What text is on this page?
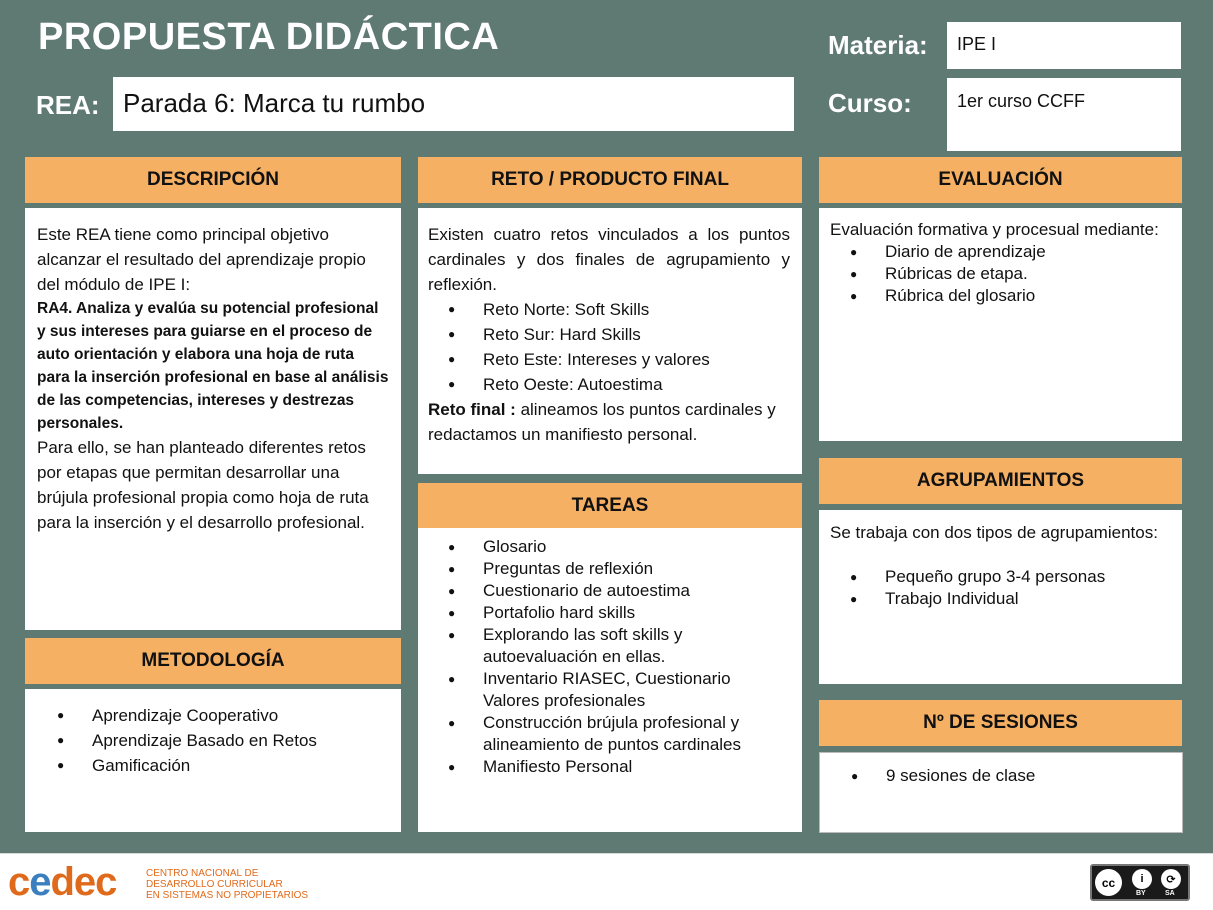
PROPUESTA DIDÁCTICA	Materia:	IPE I
REA: Parada 6: Marca tu rumbo	Curso:	1er curso CCFF
DESCRIPCIÓN

Este REA tiene como principal objetivo alcanzar el resultado del aprendizaje propio del módulo de IPE I:

RA4. Analiza y evalúa su potencial profesional y sus intereses para guiarse en el proceso de auto orientación y elabora una hoja de ruta para la inserción profesional en base al análisis de las competencias, intereses y destrezas personales.

Para ello, se han planteado diferentes retos por etapas que permitan desarrollar una brújula profesional propia como hoja de ruta para la inserción y el desarrollo profesional.

METODOLOGÍA
● Aprendizaje Cooperativo
● Aprendizaje Basado en Retos
● Gamificación
RETO / PRODUCTO FINAL

Existen cuatro retos vinculados a los puntos cardinales y dos finales de agrupamiento y reflexión.

● Reto Norte: Soft Skills
● Reto Sur: Hard Skills
● Reto Este: Intereses y valores
● Reto Oeste: Autoestima

Reto final : alineamos los puntos cardinales y redactamos un manifiesto personal.

TAREAS
● Glosario
● Preguntas de reflexión
● Cuestionario de autoestima
● Portafolio hard skills
● Explorando las soft skills y autoevaluación en ellas.
● Inventario RIASEC, Cuestionario Valores profesionales
● Construcción brújula profesional y alineamiento de puntos cardinales
● Manifiesto Personal
EVALUACIÓN

Evaluación formativa y procesual mediante:

● Diario de aprendizaje
● Rúbricas de etapa.
● Rúbrica del glosario
AGRUPAMIENTOS

Se trabaja con dos tipos de agrupamientos:

● Pequeño grupo 3-4 personas
● Trabajo Individual
Nº DE SESIONES
● 9 sesiones de clase
cedec	CENTRO NACIONAL DE
DESARROLLO CURRICULAR
EN SISTEMAS NO PROPIETARIOS
cc	i	⟳
BY	SA
